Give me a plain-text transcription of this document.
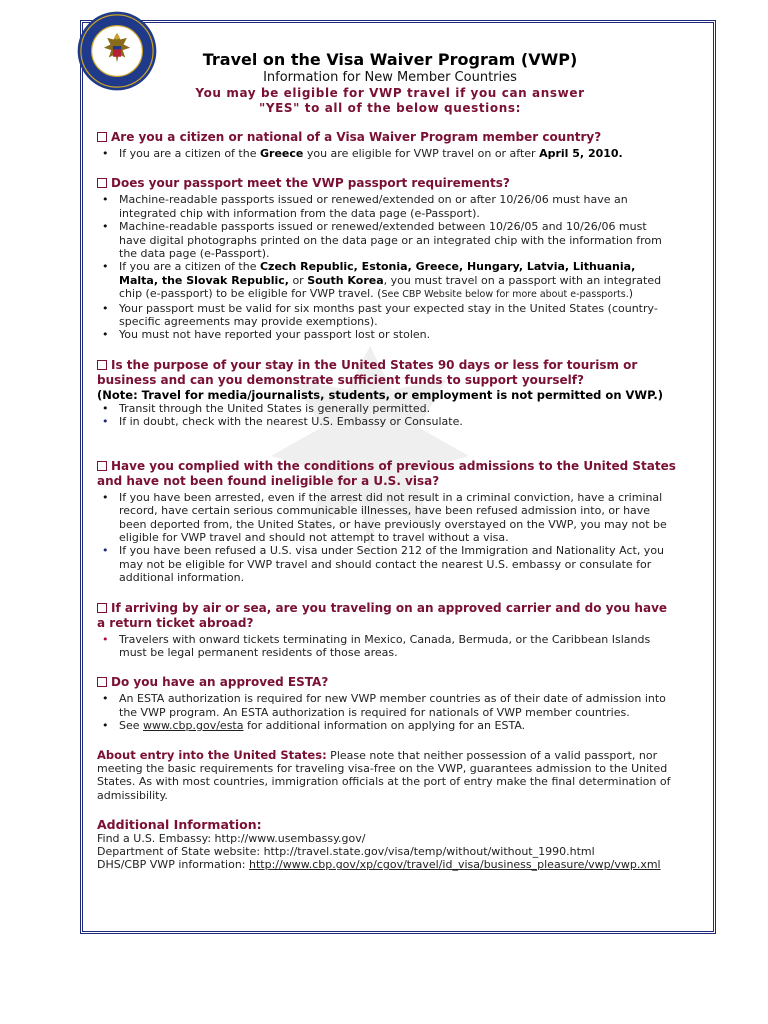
Travel on the Visa Waiver Program (VWP)
Information for New Member Countries
You may be eligible for VWP travel if you can answer
"YES" to all of the below questions:

Are you a citizen or national of a Visa Waiver Program member country?

• If you are a citizen of the Greece you are eligible for VWP travel on or after April 5, 2010.

Does your passport meet the VWP passport requirements?

• Machine-readable passports issued or renewed/extended on or after 10/26/06 must have an integrated chip with information from the data page (e-Passport).
• Machine-readable passports issued or renewed/extended between 10/26/05 and 10/26/06 must have digital photographs printed on the data page or an integrated chip with the information from the data page (e-Passport).
• If you are a citizen of the Czech Republic, Estonia, Greece, Hungary, Latvia, Lithuania, Malta, the Slovak Republic, or South Korea, you must travel on a passport with an integrated chip (e-passport) to be eligible for VWP travel. (See CBP Website below for more about e-passports.)
• Your passport must be valid for six months past your expected stay in the United States (country-specific agreements may provide exemptions).
• You must not have reported your passport lost or stolen.

Is the purpose of your stay in the United States 90 days or less for tourism or business and can you demonstrate sufficient funds to support yourself?

(Note: Travel for media/journalists, students, or employment is not permitted on VWP.)

• Transit through the United States is generally permitted.
• If in doubt, check with the nearest U.S. Embassy or Consulate.

Have you complied with the conditions of previous admissions to the United States and have not been found ineligible for a U.S. visa?

• If you have been arrested, even if the arrest did not result in a criminal conviction, have a criminal record, have certain serious communicable illnesses, have been refused admission into, or have been deported from, the United States, or have previously overstayed on the VWP, you may not be eligible for VWP travel and should not attempt to travel without a visa.
• If you have been refused a U.S. visa under Section 212 of the Immigration and Nationality Act, you may not be eligible for VWP travel and should contact the nearest U.S. embassy or consulate for additional information.

If arriving by air or sea, are you traveling on an approved carrier and do you have a return ticket abroad?

• Travelers with onward tickets terminating in Mexico, Canada, Bermuda, or the Caribbean Islands must be legal permanent residents of those areas.

Do you have an approved ESTA?

• An ESTA authorization is required for new VWP member countries as of their date of admission into the VWP program. An ESTA authorization is required for nationals of VWP member countries.
• See www.cbp.gov/esta for additional information on applying for an ESTA.

About entry into the United States: Please note that neither possession of a valid passport, nor meeting the basic requirements for traveling visa-free on the VWP, guarantees admission to the United States. As with most countries, immigration officials at the port of entry make the final determination of admissibility.

Additional Information:

Find a U.S. Embassy: http://www.usembassy.gov/

Department of State website: http://travel.state.gov/visa/temp/without/without_1990.html

DHS/CBP VWP information: http://www.cbp.gov/xp/cgov/travel/id_visa/business_pleasure/vwp/vwp.xml
